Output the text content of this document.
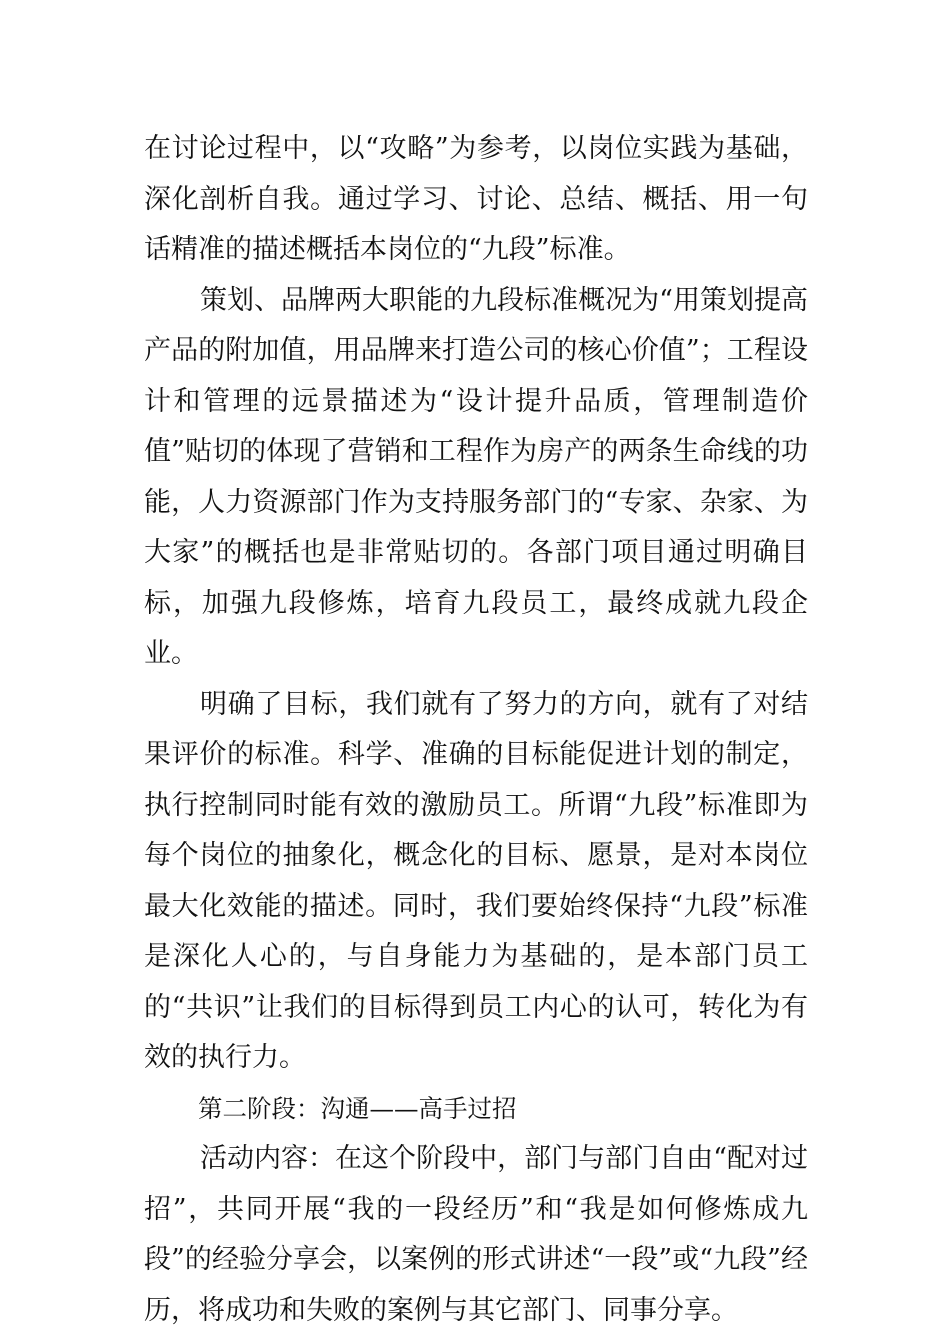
在讨论过程中，以“攻略”为参考，以岗位实践为基础，深化剖析自我。通过学习、讨论、总结、概括、用一句话精准的描述概括本岗位的“九段”标准。

策划、品牌两大职能的九段标准概况为“用策划提高产品的附加值，用品牌来打造公司的核心价值”；工程设计和管理的远景描述为“设计提升品质，管理制造价值”贴切的体现了营销和工程作为房产的两条生命线的功能，人力资源部门作为支持服务部门的“专家、杂家、为大家”的概括也是非常贴切的。各部门项目通过明确目标，加强九段修炼，培育九段员工，最终成就九段企业。

明确了目标，我们就有了努力的方向，就有了对结果评价的标准。科学、准确的目标能促进计划的制定，执行控制同时能有效的激励员工。所谓“九段”标准即为每个岗位的抽象化，概念化的目标、愿景，是对本岗位最大化效能的描述。同时，我们要始终保持“九段”标准是深化人心的，与自身能力为基础的，是本部门员工的“共识”让我们的目标得到员工内心的认可，转化为有效的执行力。

第二阶段：沟通——高手过招

活动内容：在这个阶段中，部门与部门自由“配对过招”，共同开展“我的一段经历”和“我是如何修炼成九段”的经验分享会，以案例的形式讲述“一段”或“九段”经历，将成功和失败的案例与其它部门、同事分享。
